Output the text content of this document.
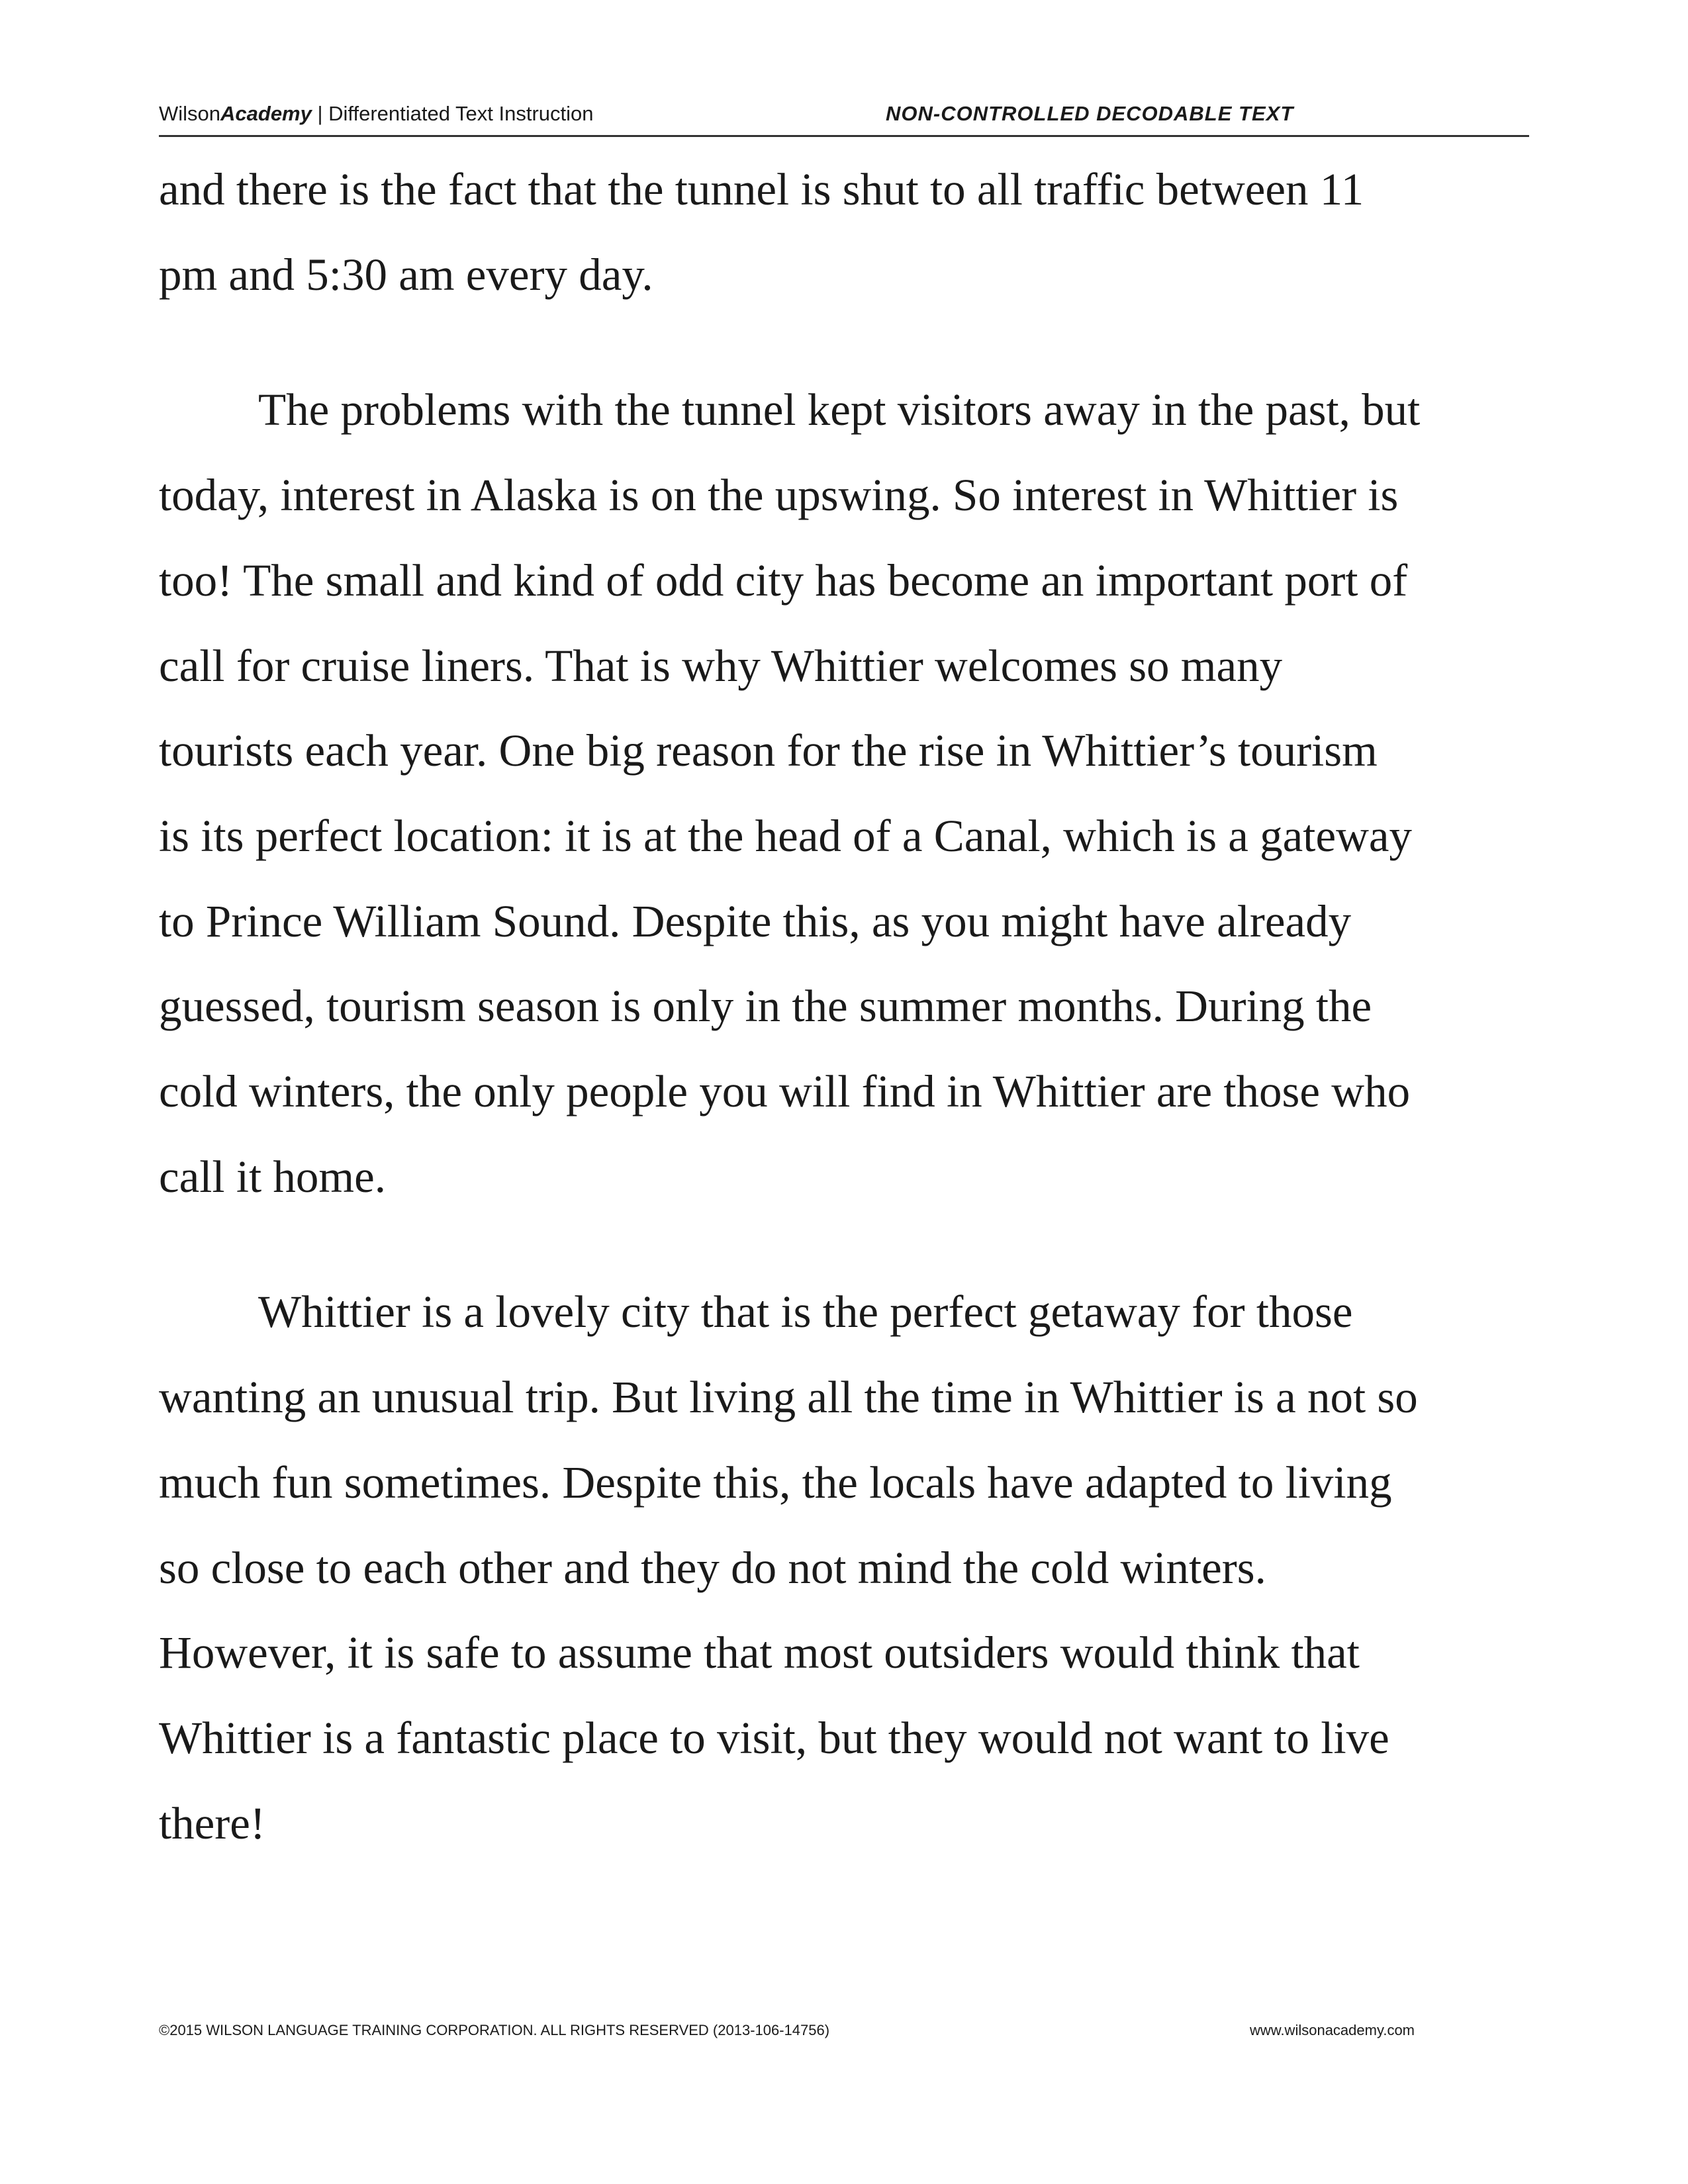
WilsonAcademy | Differentiated Text Instruction	NON-CONTROLLED DECODABLE TEXT

and there is the fact that the tunnel is shut to all traffic between 11
pm and 5:30 am every day.

The problems with the tunnel kept visitors away in the past, but
today, interest in Alaska is on the upswing. So interest in Whittier is
too! The small and kind of odd city has become an important port of
call for cruise liners. That is why Whittier welcomes so many
tourists each year. One big reason for the rise in Whittier’s tourism
is its perfect location: it is at the head of a Canal, which is a gateway
to Prince William Sound. Despite this, as you might have already
guessed, tourism season is only in the summer months. During the
cold winters, the only people you will find in Whittier are those who
call it home.

Whittier is a lovely city that is the perfect getaway for those
wanting an unusual trip. But living all the time in Whittier is a not so
much fun sometimes. Despite this, the locals have adapted to living
so close to each other and they do not mind the cold winters.
However, it is safe to assume that most outsiders would think that
Whittier is a fantastic place to visit, but they would not want to live
there!

©2015 WILSON LANGUAGE TRAINING CORPORATION. ALL RIGHTS RESERVED (2013-106-14756)	www.wilsonacademy.com
